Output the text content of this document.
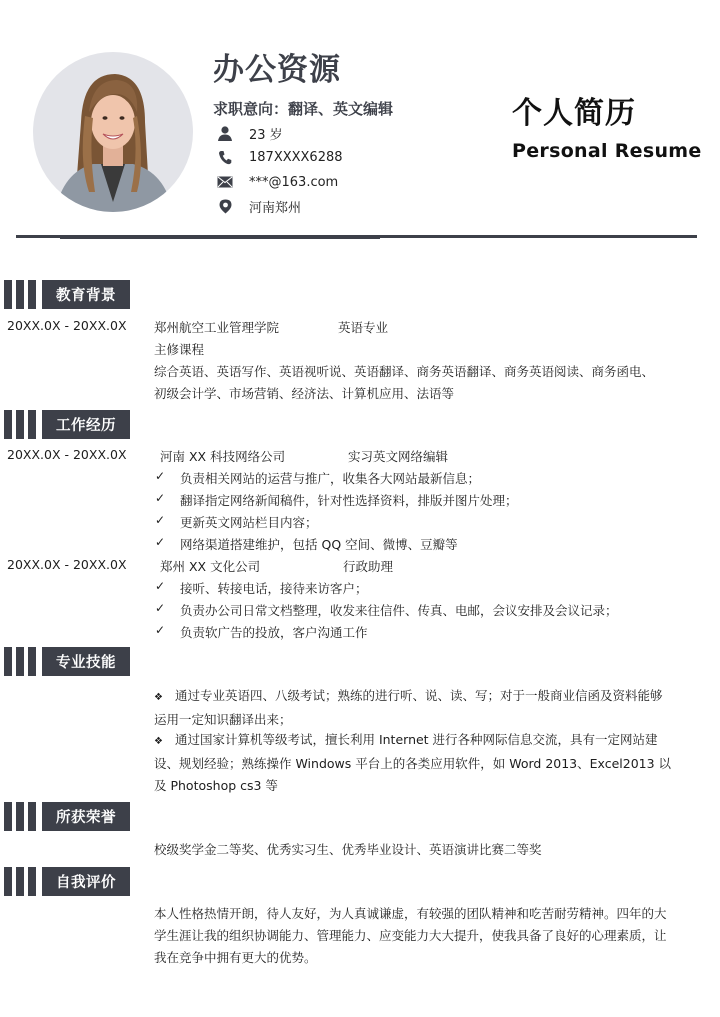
办公资源
求职意向：翻译、英文编辑
23 岁
187XXXX6288
***@163.com
河南郑州
个人简历
Personal Resume
教育背景
20XX.0X - 20XX.0X 郑州航空工业管理学院	英语专业
主修课程
综合英语、英语写作、英语视听说、英语翻译、商务英语翻译、商务英语阅读、商务函电、
初级会计学、市场营销、经济法、计算机应用、法语等
工作经历
20XX.0X - 20XX.0X	河南 XX 科技网络公司	实习英文网络编辑
✓ 负责相关网站的运营与推广，收集各大网站最新信息；
✓ 翻译指定网络新闻稿件，针对性选择资料，排版并图片处理；
✓ 更新英文网站栏目内容；
✓ 网络渠道搭建维护，包括 QQ 空间、微博、豆瓣等
20XX.0X - 20XX.0X	郑州 XX 文化公司	行政助理
✓ 接听、转接电话，接待来访客户；
✓ 负责办公司日常文档整理，收发来往信件、传真、电邮，会议安排及会议记录；
✓ 负责软广告的投放，客户沟通工作
专业技能
❖ 通过专业英语四、八级考试；熟练的进行听、说、读、写；对于一般商业信函及资料能够运用一定知识翻译出来；
❖ 通过国家计算机等级考试，擅长利用 Internet 进行各种网际信息交流，具有一定网站建设、规划经验；熟练操作 Windows 平台上的各类应用软件，如 Word 2013、Excel2013 以及 Photoshop cs3 等
所获荣誉
校级奖学金二等奖、优秀实习生、优秀毕业设计、英语演讲比赛二等奖
自我评价
本人性格热情开朗，待人友好，为人真诚谦虚，有较强的团队精神和吃苦耐劳精神。四年的大学生涯让我的组织协调能力、管理能力、应变能力大大提升，使我具备了良好的心理素质，让我在竞争中拥有更大的优势。
